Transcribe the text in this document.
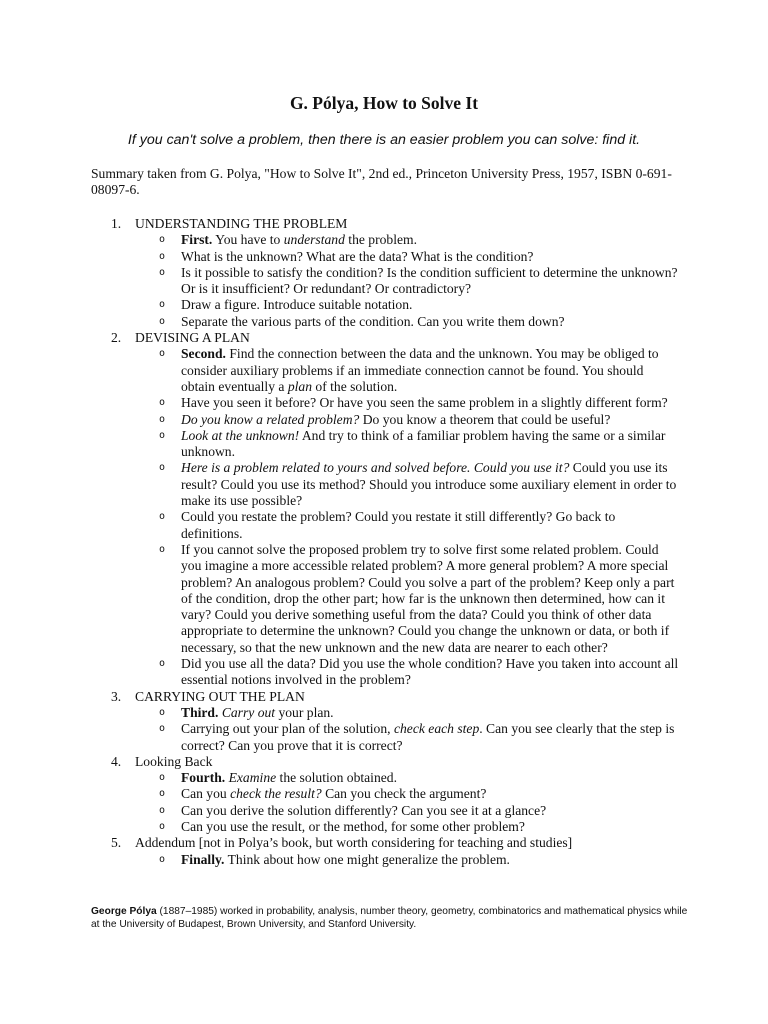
G. Pólya, How to Solve It
If you can't solve a problem, then there is an easier problem you can solve: find it.
Summary taken from G. Polya, "How to Solve It", 2nd ed., Princeton University Press, 1957, ISBN 0-691-08097-6.
1.	UNDERSTANDING THE PROBLEM
o First. You have to understand the problem.
o What is the unknown? What are the data? What is the condition?
o Is it possible to satisfy the condition? Is the condition sufficient to determine the unknown? Or is it insufficient? Or redundant? Or contradictory?
o Draw a figure. Introduce suitable notation.
o Separate the various parts of the condition. Can you write them down?
2.	DEVISING A PLAN
o Second. Find the connection between the data and the unknown. You may be obliged to consider auxiliary problems if an immediate connection cannot be found. You should obtain eventually a plan of the solution.
o Have you seen it before? Or have you seen the same problem in a slightly different form?
o Do you know a related problem? Do you know a theorem that could be useful?
o Look at the unknown! And try to think of a familiar problem having the same or a similar unknown.
o Here is a problem related to yours and solved before. Could you use it? Could you use its result? Could you use its method? Should you introduce some auxiliary element in order to make its use possible?
o Could you restate the problem? Could you restate it still differently? Go back to definitions.
o If you cannot solve the proposed problem try to solve first some related problem. Could you imagine a more accessible related problem? A more general problem? A more special problem? An analogous problem? Could you solve a part of the problem? Keep only a part of the condition, drop the other part; how far is the unknown then determined, how can it vary? Could you derive something useful from the data? Could you think of other data appropriate to determine the unknown? Could you change the unknown or data, or both if necessary, so that the new unknown and the new data are nearer to each other?
o Did you use all the data? Did you use the whole condition? Have you taken into account all essential notions involved in the problem?
3.	CARRYING OUT THE PLAN
o Third. Carry out your plan.
o Carrying out your plan of the solution, check each step. Can you see clearly that the step is correct? Can you prove that it is correct?
4.	Looking Back
o Fourth. Examine the solution obtained.
o Can you check the result? Can you check the argument?
o Can you derive the solution differently? Can you see it at a glance?
o Can you use the result, or the method, for some other problem?
5.	Addendum [not in Polya’s book, but worth considering for teaching and studies]
o Finally. Think about how one might generalize the problem.
George Pólya (1887–1985) worked in probability, analysis, number theory, geometry, combinatorics and mathematical physics while at the University of Budapest, Brown University, and Stanford University.
